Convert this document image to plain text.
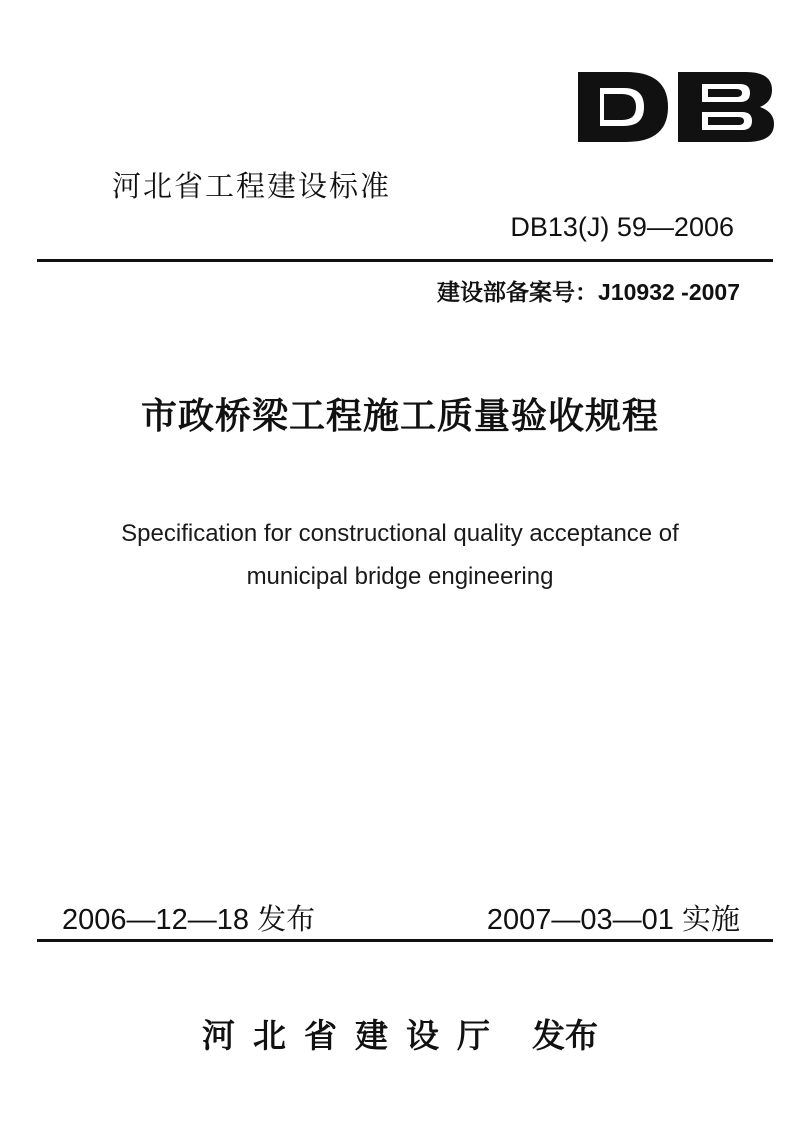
河北省工程建设标准
DB13(J) 59—2006
建设部备案号：J10932 -2007
市政桥梁工程施工质量验收规程
Specification for constructional quality acceptance of
municipal bridge engineering
2006—12—18 发布	2007—03—01 实施
河北省建设厅 发布
